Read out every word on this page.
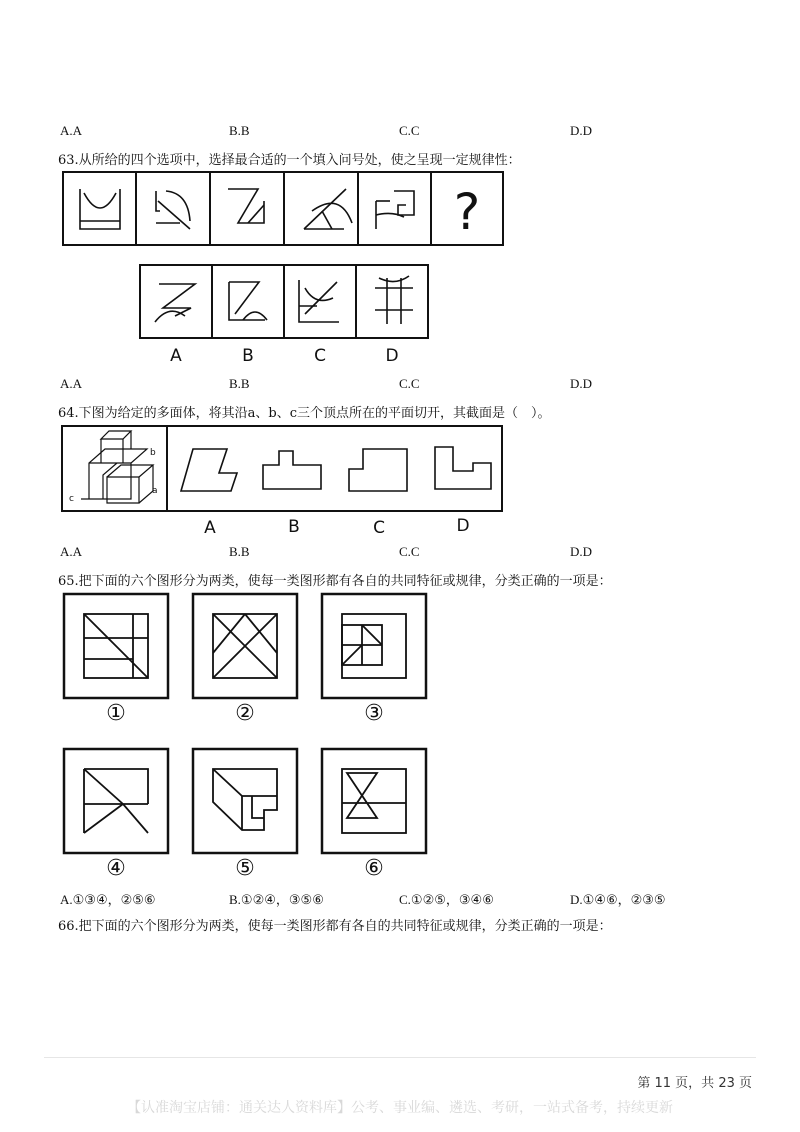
A.A	B.B	C.C	D.D
63.从所给的四个选项中，选择最合适的一个填入问号处，使之呈现一定规律性：
?
A	B	C	D
A.A	B.B	C.C	D.D
64.下图为给定的多面体，将其沿a、b、c三个顶点所在的平面切开，其截面是（　）。
b
a
c
A	B	C	D
A.A	B.B	C.C	D.D
65.把下面的六个图形分为两类，使每一类图形都有各自的共同特征或规律，分类正确的一项是：
①	②	③
④	⑤	⑥
A.①③④，②⑤⑥	B.①②④，③⑤⑥	C.①②⑤，③④⑥	D.①④⑥，②③⑤
66.把下面的六个图形分为两类，使每一类图形都有各自的共同特征或规律，分类正确的一项是：
第 11 页，共 23 页
【认准淘宝店铺：通关达人资料库】公考、事业编、遴选、考研，一站式备考，持续更新
